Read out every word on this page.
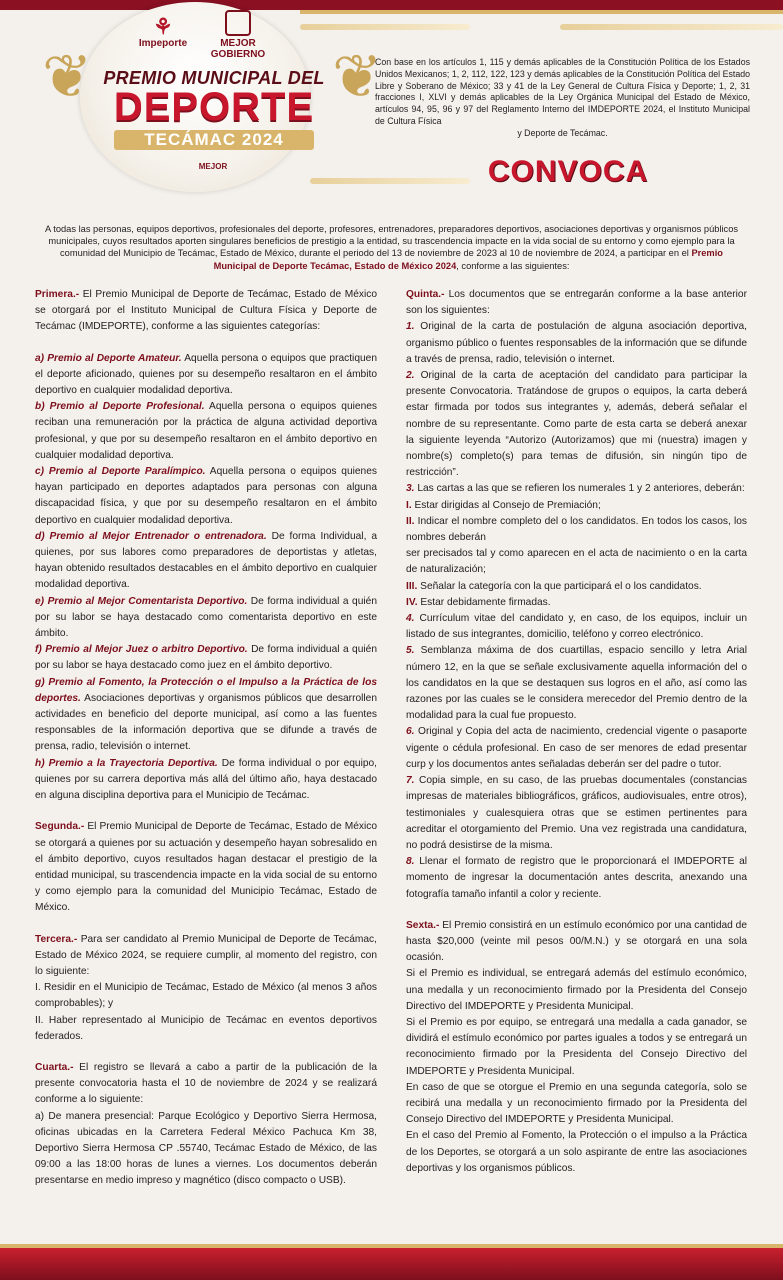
❦	❦
⚘
Impeporte	MEJOR GOBIERNO
PREMIO MUNICIPAL DEL
DEPORTE
TECÁMAC 2024
MEJOR
Con base en los artículos 1, 115 y demás aplicables de la Constitución Política de los Estados Unidos Mexicanos; 1, 2, 112, 122, 123 y demás aplicables de la Constitución Política del Estado Libre y Soberano de México; 33 y 41 de la Ley General de Cultura Física y Deporte; 1, 2, 31 fracciones I, XLVI y demás aplicables de la Ley Orgánica Municipal del Estado de México, artículos 94, 95, 96 y 97 del Reglamento Interno del IMDEPORTE 2024, el Instituto Municipal de Cultura Física
y Deporte de Tecámac.
CONVOCA
A todas las personas, equipos deportivos, profesionales del deporte, profesores, entrenadores, preparadores deportivos, asociaciones deportivas y organismos públicos municipales, cuyos resultados aporten singulares beneficios de prestigio a la entidad, su trascendencia impacte en la vida social de su entorno y como ejemplo para la comunidad del Municipio de Tecámac, Estado de México, durante el periodo del 13 de noviembre de 2023 al 10 de noviembre de 2024, a participar en el Premio Municipal de Deporte Tecámac, Estado de México 2024, conforme a las siguientes:

Primera.- El Premio Municipal de Deporte de Tecámac, Estado de México se otorgará por el Instituto Municipal de Cultura Física y Deporte de Tecámac (IMDEPORTE), conforme a las siguientes categorías:

a) Premio al Deporte Amateur. Aquella persona o equipos que practiquen el deporte aficionado, quienes por su desempeño resaltaron en el ámbito deportivo en cualquier modalidad deportiva.

b) Premio al Deporte Profesional. Aquella persona o equipos quienes reciban una remuneración por la práctica de alguna actividad deportiva profesional, y que por su desempeño resaltaron en el ámbito deportivo en cualquier modalidad deportiva.

c) Premio al Deporte Paralímpico. Aquella persona o equipos quienes hayan participado en deportes adaptados para personas con alguna discapacidad física, y que por su desempeño resaltaron en el ámbito deportivo en cualquier modalidad deportiva.

d) Premio al Mejor Entrenador o entrenadora. De forma Individual, a quienes, por sus labores como preparadores de deportistas y atletas, hayan obtenido resultados destacables en el ámbito deportivo en cualquier modalidad deportiva.

e) Premio al Mejor Comentarista Deportivo. De forma individual a quién por su labor se haya destacado como comentarista deportivo en este ámbito.

f) Premio al Mejor Juez o arbitro Deportivo. De forma individual a quién por su labor se haya destacado como juez en el ámbito deportivo.

g) Premio al Fomento, la Protección o el Impulso a la Práctica de los deportes. Asociaciones deportivas y organismos públicos que desarrollen actividades en beneficio del deporte municipal, así como a las fuentes responsables de la información deportiva que se difunde a través de prensa, radio, televisión o internet.

h) Premio a la Trayectoria Deportiva. De forma individual o por equipo, quienes por su carrera deportiva más allá del último año, haya destacado en alguna disciplina deportiva para el Municipio de Tecámac.

Segunda.- El Premio Municipal de Deporte de Tecámac, Estado de México se otorgará a quienes por su actuación y desempeño hayan sobresalido en el ámbito deportivo, cuyos resultados hagan destacar el prestigio de la entidad municipal, su trascendencia impacte en la vida social de su entorno y como ejemplo para la comunidad del Municipio Tecámac, Estado de México.

Tercera.- Para ser candidato al Premio Municipal de Deporte de Tecámac, Estado de México 2024, se requiere cumplir, al momento del registro, con lo siguiente:

I. Residir en el Municipio de Tecámac, Estado de México (al menos 3 años comprobables); y

II. Haber representado al Municipio de Tecámac en eventos deportivos federados.

Cuarta.- El registro se llevará a cabo a partir de la publicación de la presente convocatoria hasta el 10 de noviembre de 2024 y se realizará conforme a lo siguiente:

a) De manera presencial: Parque Ecológico y Deportivo Sierra Hermosa, oficinas ubicadas en la Carretera Federal México Pachuca Km 38, Deportivo Sierra Hermosa CP .55740, Tecámac Estado de México, de las 09:00 a las 18:00 horas de lunes a viernes. Los documentos deberán presentarse en medio impreso y magnético (disco compacto o USB).

Quinta.- Los documentos que se entregarán conforme a la base anterior son los siguientes:

1. Original de la carta de postulación de alguna asociación deportiva, organismo público o fuentes responsables de la información que se difunde a través de prensa, radio, televisión o internet.

2. Original de la carta de aceptación del candidato para participar la presente Convocatoria. Tratándose de grupos o equipos, la carta deberá estar firmada por todos sus integrantes y, además, deberá señalar el nombre de su representante. Como parte de esta carta se deberá anexar la siguiente leyenda “Autorizo (Autorizamos) que mi (nuestra) imagen y nombre(s) completo(s) para temas de difusión, sin ningún tipo de restricción”.

3. Las cartas a las que se refieren los numerales 1 y 2 anteriores, deberán:

I. Estar dirigidas al Consejo de Premiación;

II. Indicar el nombre completo del o los candidatos. En todos los casos, los nombres deberán

ser precisados tal y como aparecen en el acta de nacimiento o en la carta de naturalización;

III. Señalar la categoría con la que participará el o los candidatos.

IV. Estar debidamente firmadas.

4. Currículum vitae del candidato y, en caso, de los equipos, incluir un listado de sus integrantes, domicilio, teléfono y correo electrónico.

5. Semblanza máxima de dos cuartillas, espacio sencillo y letra Arial número 12, en la que se señale exclusivamente aquella información del o los candidatos en la que se destaquen sus logros en el año, así como las razones por las cuales se le considera merecedor del Premio dentro de la modalidad para la cual fue propuesto.

6. Original y Copia del acta de nacimiento, credencial vigente o pasaporte vigente o cédula profesional. En caso de ser menores de edad presentar curp y los documentos antes señaladas deberán ser del padre o tutor.

7. Copia simple, en su caso, de las pruebas documentales (constancias impresas de materiales bibliográficos, gráficos, audiovisuales, entre otros), testimoniales y cualesquiera otras que se estimen pertinentes para acreditar el otorgamiento del Premio. Una vez registrada una candidatura, no podrá desistirse de la misma.

8. Llenar el formato de registro que le proporcionará el IMDEPORTE al momento de ingresar la documentación antes descrita, anexando una fotografía tamaño infantil a color y reciente.

Sexta.- El Premio consistirá en un estímulo económico por una cantidad de hasta $20,000 (veinte mil pesos 00/M.N.) y se otorgará en una sola ocasión.

Si el Premio es individual, se entregará además del estímulo económico, una medalla y un reconocimiento firmado por la Presidenta del Consejo Directivo del IMDEPORTE y Presidenta Municipal.

Si el Premio es por equipo, se entregará una medalla a cada ganador, se dividirá el estímulo económico por partes iguales a todos y se entregará un reconocimiento firmado por la Presidenta del Consejo Directivo del IMDEPORTE y Presidenta Municipal.

En caso de que se otorgue el Premio en una segunda categoría, solo se recibirá una medalla y un reconocimiento firmado por la Presidenta del Consejo Directivo del IMDEPORTE y Presidenta Municipal.

En el caso del Premio al Fomento, la Protección o el impulso a la Práctica de los Deportes, se otorgará a un solo aspirante de entre las asociaciones deportivas y los organismos públicos.
